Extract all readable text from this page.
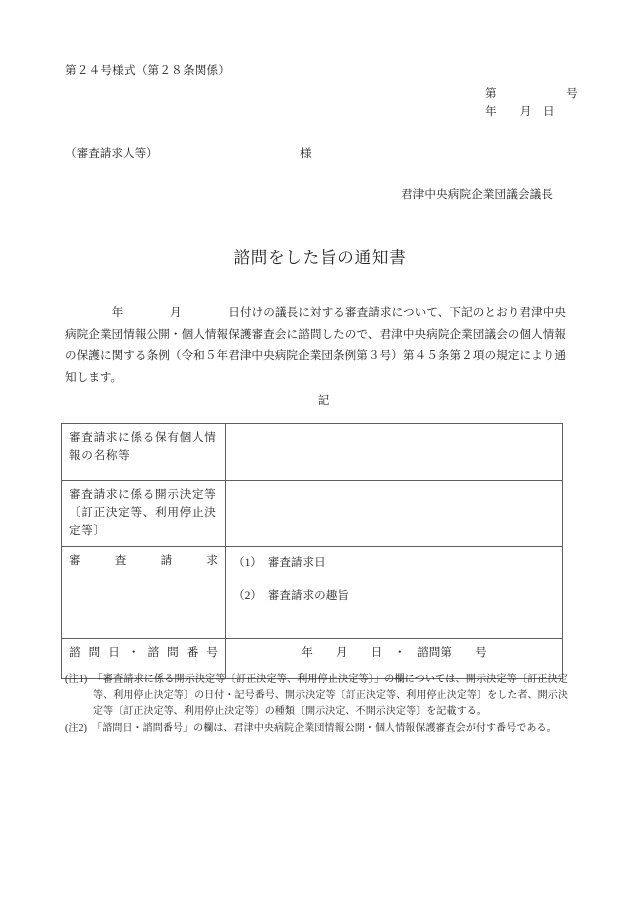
第２４号様式（第２８条関係）
第　　　　　　号
年　　月　日
（審査請求人等）	様
君津中央病院企業団議会議長
諮問をした旨の通知書
　　　　年　　　　月　　　　日付けの議長に対する審査請求について、下記のとおり君津中央病院企業団情報公開・個人情報保護審査会に諮問したので、君津中央病院企業団議会の個人情報の保護に関する条例（令和５年君津中央病院企業団条例第３号）第４５条第２項の規定により通知します。
記
審査請求に係る保有個人情報の名称等	
審査請求に係る開示決定等〔訂正決定等、利用停止決定等〕	
審査請求	（1）　審査請求日
（2）　審査請求の趣旨

諮問日・諮問番号	年　　月　　日　・　諮問第　　号
(注1)　「審査請求に係る開示決定等〔訂正決定等、利用停止決定等〕」の欄については、開示決定等〔訂正決定等、利用停止決定等〕の日付・記号番号、開示決定等〔訂正決定等、利用停止決定等〕をした者、開示決定等〔訂正決定等、利用停止決定等〕の種類〔開示決定、不開示決定等〕を記載する。
(注2)　「諮問日・諮問番号」の欄は、君津中央病院企業団情報公開・個人情報保護審査会が付す番号である。
